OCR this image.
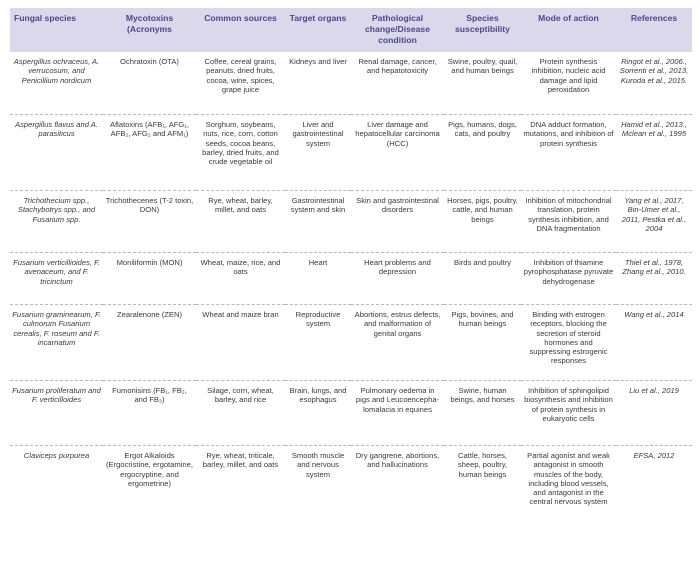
Fungal species	Mycotoxins (Acronyms	Common sources	Target organs	Pathological change/Disease condition	Species susceptibility	Mode of action	References
Aspergillus ochraceus, A. verrucosum, and Penicillium nordicum	Ochratoxin (OTA)	Coffee, cereal grains, peanuts, dried fruits, cocoa, wine, spices, grape juice	Kidneys and liver	Renal damage, cancer, and hepatotoxicity	Swine, poultry, quail, and human beings	Protein synthesis inhibition, nucleic acid damage and lipid peroxidation	Ringot et al., 2006., Sorrenti et al., 2013, Kuroda et al., 2015.
Aspergillus flavus and A. parasiticus	Aflatoxins (AFB₁, AFG₁, AFB₂, AFG₂ and AFM₁)	Sorghum, soybeans, nuts, rice, corn, cotton seeds, cocoa beans, barley, dried fruits, and crude vegetable oil	Liver and gastrointestinal system	Liver damage and hepatocellular carcinoma (HCC)	Pigs, humans, dogs, cats, and poultry	DNA adduct formation, mutations, and inhibition of protein synthesis	Hamid et al., 2013., Mclean et al., 1995
Trichothecium spp., Stachybotrys spp., and Fusarium spp.	Trichothecenes (T-2 toxin, DON)	Rye, wheat, barley, millet, and oats	Gastrointestinal system and skin	Skin and gastrointestinal disorders	Horses, pigs, poultry, cattle, and human beings	Inhibition of mitochondrial translation, protein synthesis inhibition, and DNA fragmentation	Yang et al., 2017, Bin-Umer et al., 2011, Pestka et al., 2004
Fusarium verticillioides, F. avenaceum, and F. tricinctum	Moniliformin (MON)	Wheat, maize, rice, and oats	Heart	Heart problems and depression	Birds and poultry	Inhibition of thiamine pyrophosphatase pyruvate dehydrogenase	Thiel et al., 1978, Zhang et al., 2010.
Fusarium graminearum, F. culmorum Fusarium cerealis, F. roseum and F. incarnatum	Zearalenone (ZEN)	Wheat and maize bran	Reproductive system	Abortions, estrus defects, and malformation of genital organs	Pigs, bovines, and human beings	Binding with estrogen receptors, blocking the secretion of steroid hormones and suppressing estrogenic responses	Wang et al., 2014
Fusarium proliferatum and F. verticilloides	Fumonisins (FB₁, FB₂, and FB₃)	Silage, corn, wheat, barley, and rice	Brain, lungs, and esophagus	Pulmonary oedema in pigs and Leucoencepha-lomalacia in equines	Swine, human beings, and horses	Inhibition of sphingolipid biosynthesis and inhibition of protein synthesis in eukaryotic cells	Liu et al., 2019
Claviceps purpurea	Ergot Alkaloids (Ergocristine, ergotamine, ergocryptine, and ergometrine)	Rye, wheat, triticale, barley, millet, and oats	Smooth muscle and nervous system	Dry gangrene, abortions, and hallucinations	Cattle, horses, sheep, poultry, human beings	Partial agonist and weak antagonist in smooth muscles of the body, including blood vessels, and antagonist in the central nervous system	EFSA, 2012
